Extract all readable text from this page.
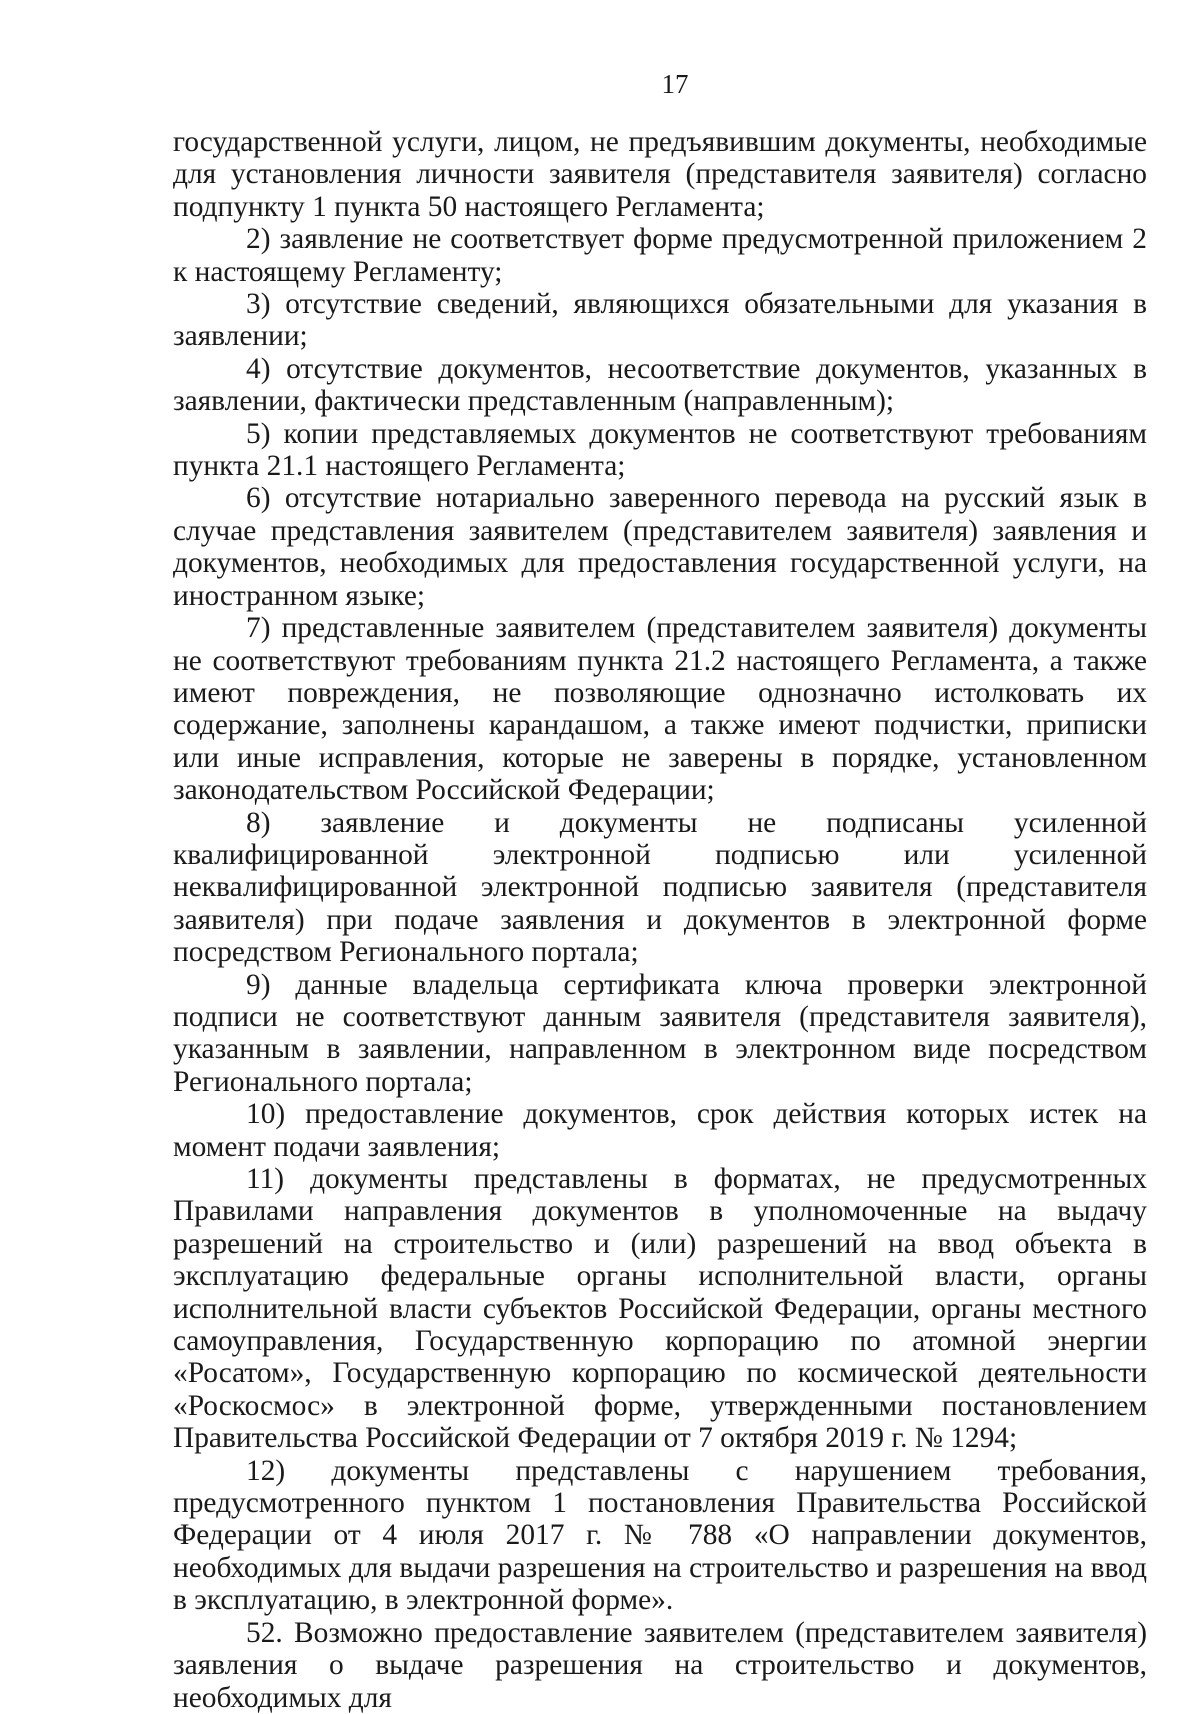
17

государственной услуги, лицом, не предъявившим документы, необходимые для установления личности заявителя (представителя заявителя) согласно подпункту 1 пункта 50 настоящего Регламента;

2) заявление не соответствует форме предусмотренной приложением 2 к настоящему Регламенту;

3) отсутствие сведений, являющихся обязательными для указания в заявлении;

4) отсутствие документов, несоответствие документов, указанных в заявлении, фактически представленным (направленным);

5) копии представляемых документов не соответствуют требованиям пункта 21.1 настоящего Регламента;

6) отсутствие нотариально заверенного перевода на русский язык в случае представления заявителем (представителем заявителя) заявления и документов, необходимых для предоставления государственной услуги, на иностранном языке;

7) представленные заявителем (представителем заявителя) документы не соответствуют требованиям пункта 21.2 настоящего Регламента, а также имеют повреждения, не позволяющие однозначно истолковать их содержание, заполнены карандашом, а также имеют подчистки, приписки или иные исправления, которые не заверены в порядке, установленном законодательством Российской Федерации;

8) заявление и документы не подписаны усиленной квалифицированной электронной подписью или усиленной неквалифицированной электронной подписью заявителя (представителя заявителя) при подаче заявления и документов в электронной форме посредством Регионального портала;

9) данные владельца сертификата ключа проверки электронной подписи не соответствуют данным заявителя (представителя заявителя), указанным в заявлении, направленном в электронном виде посредством Регионального портала;

10) предоставление документов, срок действия которых истек на момент подачи заявления;

11) документы представлены в форматах, не предусмотренных Правилами направления документов в уполномоченные на выдачу разрешений на строительство и (или) разрешений на ввод объекта в эксплуатацию федеральные органы исполнительной власти, органы исполнительной власти субъектов Российской Федерации, органы местного самоуправления, Государственную корпорацию по атомной энергии «Росатом», Государственную корпорацию по космической деятельности «Роскосмос» в электронной форме, утвержденными постановлением Правительства Российской Федерации от 7 октября 2019 г. № 1294;

12) документы представлены с нарушением требования, предусмотренного пунктом 1 постановления Правительства Российской Федерации от 4 июля 2017 г. № 788 «О направлении документов, необходимых для выдачи разрешения на строительство и разрешения на ввод в эксплуатацию, в электронной форме».

52. Возможно предоставление заявителем (представителем заявителя) заявления о выдаче разрешения на строительство и документов, необходимых для
